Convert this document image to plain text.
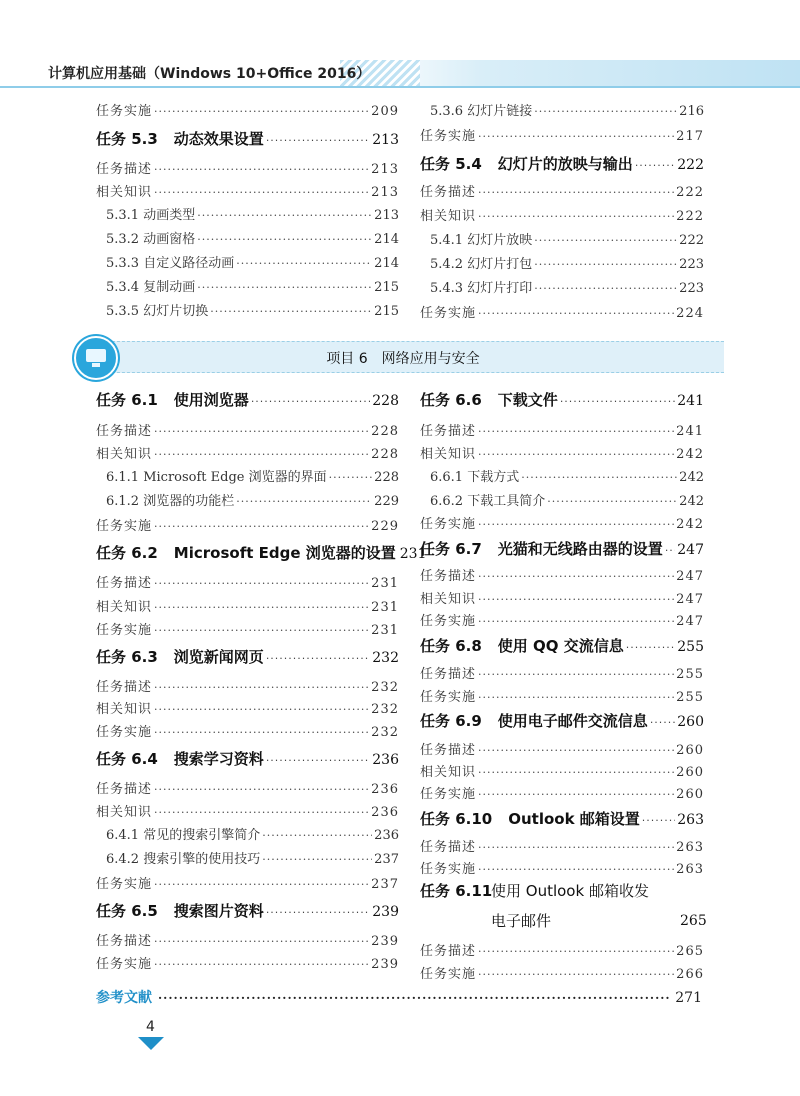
计算机应用基础（Windows 10+Office 2016）
任务实施 ·····	209
任务 5.3 动态效果设置 ·····	213
任务描述 ·····	213
相关知识 ·····	213
5.3.1 动画类型 ·····	213
5.3.2 动画窗格 ·····	214
5.3.3 自定义路径动画 ·····	214
5.3.4 复制动画 ·····	215
5.3.5 幻灯片切换 ·····	215
5.3.6 幻灯片链接 ·····	216
任务实施 ·····	217
任务 5.4 幻灯片的放映与输出 ·····	222
任务描述 ·····	222
相关知识 ·····	222
5.4.1 幻灯片放映 ·····	222
5.4.2 幻灯片打包 ·····	223
5.4.3 幻灯片打印 ·····	223
任务实施 ·····	224
项目 6　网络应用与安全
任务 6.1 使用浏览器 ·····	228
任务描述 ·····	228
相关知识 ·····	228
6.1.1 Microsoft Edge 浏览器的界面 ·····	228
6.1.2 浏览器的功能栏 ·····	229
任务实施 ·····	229
任务 6.2 Microsoft Edge 浏览器的设置 231
任务描述 ·····	231
相关知识 ·····	231
任务实施 ·····	231
任务 6.3 浏览新闻网页 ·····	232
任务描述 ·····	232
相关知识 ·····	232
任务实施 ·····	232
任务 6.4 搜索学习资料 ·····	236
任务描述 ·····	236
相关知识 ·····	236
6.4.1 常见的搜索引擎简介 ·····	236
6.4.2 搜索引擎的使用技巧 ·····	237
任务实施 ·····	237
任务 6.5 搜索图片资料 ·····	239
任务描述 ·····	239
任务实施 ·····	239
任务 6.6 下载文件 ·····	241
任务描述 ·····	241
相关知识 ·····	242
6.6.1 下载方式 ·····	242
6.6.2 下载工具简介 ·····	242
任务实施 ·····	242
任务 6.7 光猫和无线路由器的设置 ····· 247
任务描述 ·····	247
相关知识 ·····	247
任务实施 ·····	247
任务 6.8 使用 QQ 交流信息 ·····	255
任务描述 ·····	255
任务实施 ·····	255
任务 6.9 使用电子邮件交流信息 ····· 260
任务描述 ·····	260
相关知识 ·····	260
任务实施 ·····	260
任务 6.10 Outlook 邮箱设置 ·····	263
任务描述 ·····	263
任务实施 ·····	263
任务 6.11
使用 Outlook 邮箱收发
电子邮件	265
任务描述 ·····	265
任务实施 ·····	266
参考文献 ·····	271
4
